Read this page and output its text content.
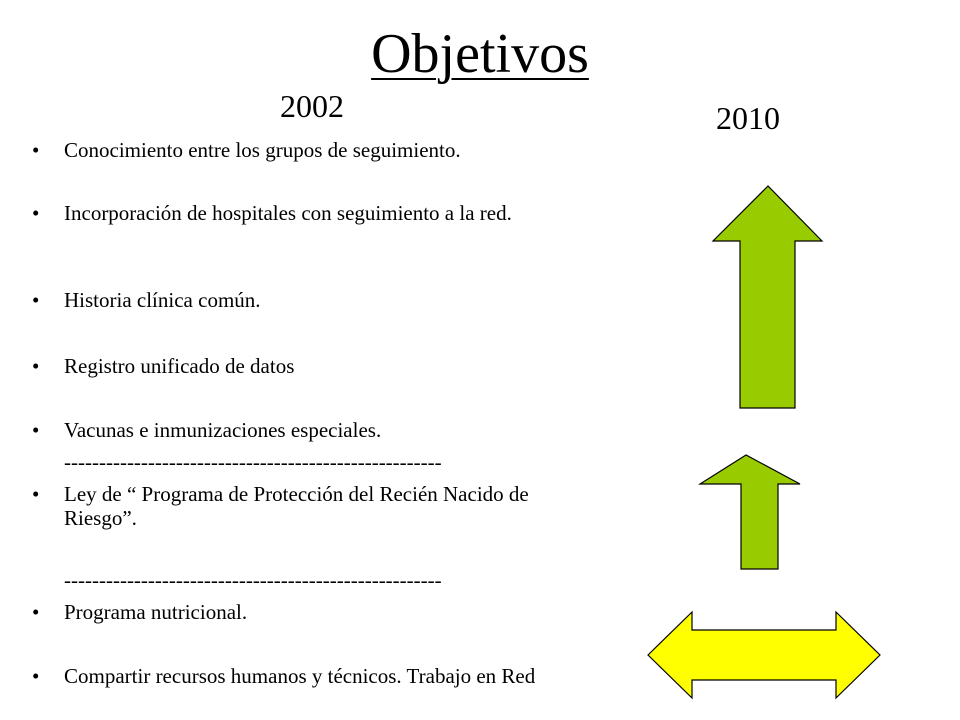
Objetivos
2002	2010
• Conocimiento entre los grupos de seguimiento.
• Incorporación de hospitales con seguimiento a la red.
• Historia clínica común.
• Registro unificado de datos
• Vacunas e inmunizaciones especiales.
• ------------------------------------------------------
• Ley de “ Programa de Protección del Recién Nacido de Riesgo”.
• ------------------------------------------------------
• Programa nutricional.
• Compartir recursos humanos y técnicos. Trabajo en Red
